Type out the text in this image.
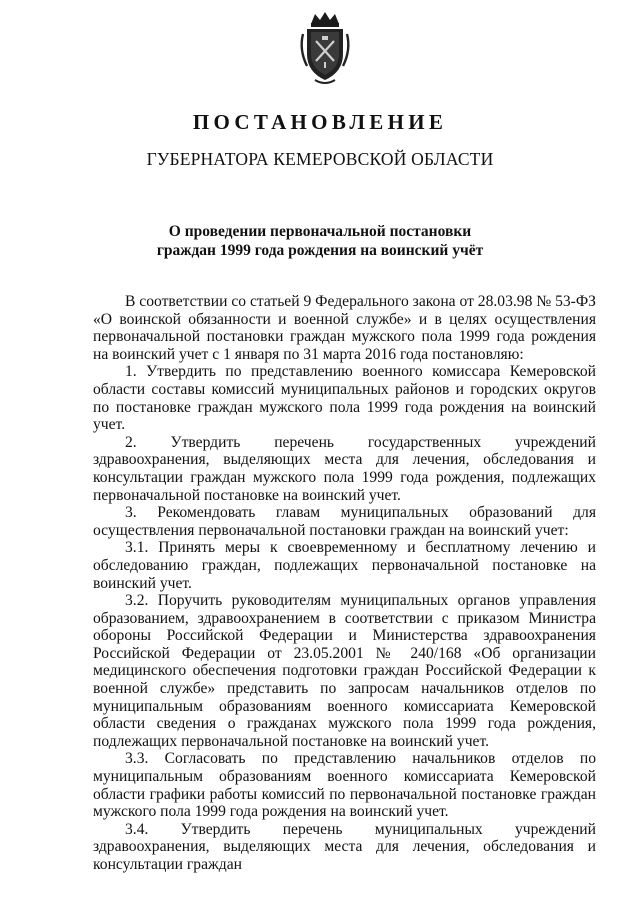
ПОСТАНОВЛЕНИЕ
ГУБЕРНАТОРА КЕМЕРОВСКОЙ ОБЛАСТИ
О проведении первоначальной постановки
граждан 1999 года рождения на воинский учёт

В соответствии со статьей 9 Федерального закона от 28.03.98 № 53-ФЗ «О воинской обязанности и военной службе» и в целях осуществления первоначальной постановки граждан мужского пола 1999 года рождения на воинский учет с 1 января по 31 марта 2016 года постановляю:

1. Утвердить по представлению военного комиссара Кемеровской области составы комиссий муниципальных районов и городских округов по постановке граждан мужского пола 1999 года рождения на воинский учет.

2. Утвердить перечень государственных учреждений здравоохранения, выделяющих места для лечения, обследования и консультации граждан мужского пола 1999 года рождения, подлежащих первоначальной постановке на воинский учет.

3. Рекомендовать главам муниципальных образований для осуществления первоначальной постановки граждан на воинский учет:

3.1. Принять меры к своевременному и бесплатному лечению и обследованию граждан, подлежащих первоначальной постановке на воинский учет.

3.2. Поручить руководителям муниципальных органов управления образованием, здравоохранением в соответствии с приказом Министра обороны Российской Федерации и Министерства здравоохранения Российской Федерации от 23.05.2001 № 240/168 «Об организации медицинского обеспечения подготовки граждан Российской Федерации к военной службе» представить по запросам начальников отделов по муниципальным образованиям военного комиссариата Кемеровской области сведения о гражданах мужского пола 1999 года рождения, подлежащих первоначальной постановке на воинский учет.

3.3. Согласовать по представлению начальников отделов по муниципальным образованиям военного комиссариата Кемеровской области графики работы комиссий по первоначальной постановке граждан мужского пола 1999 года рождения на воинский учет.

3.4. Утвердить перечень муниципальных учреждений здравоохранения, выделяющих места для лечения, обследования и консультации граждан
